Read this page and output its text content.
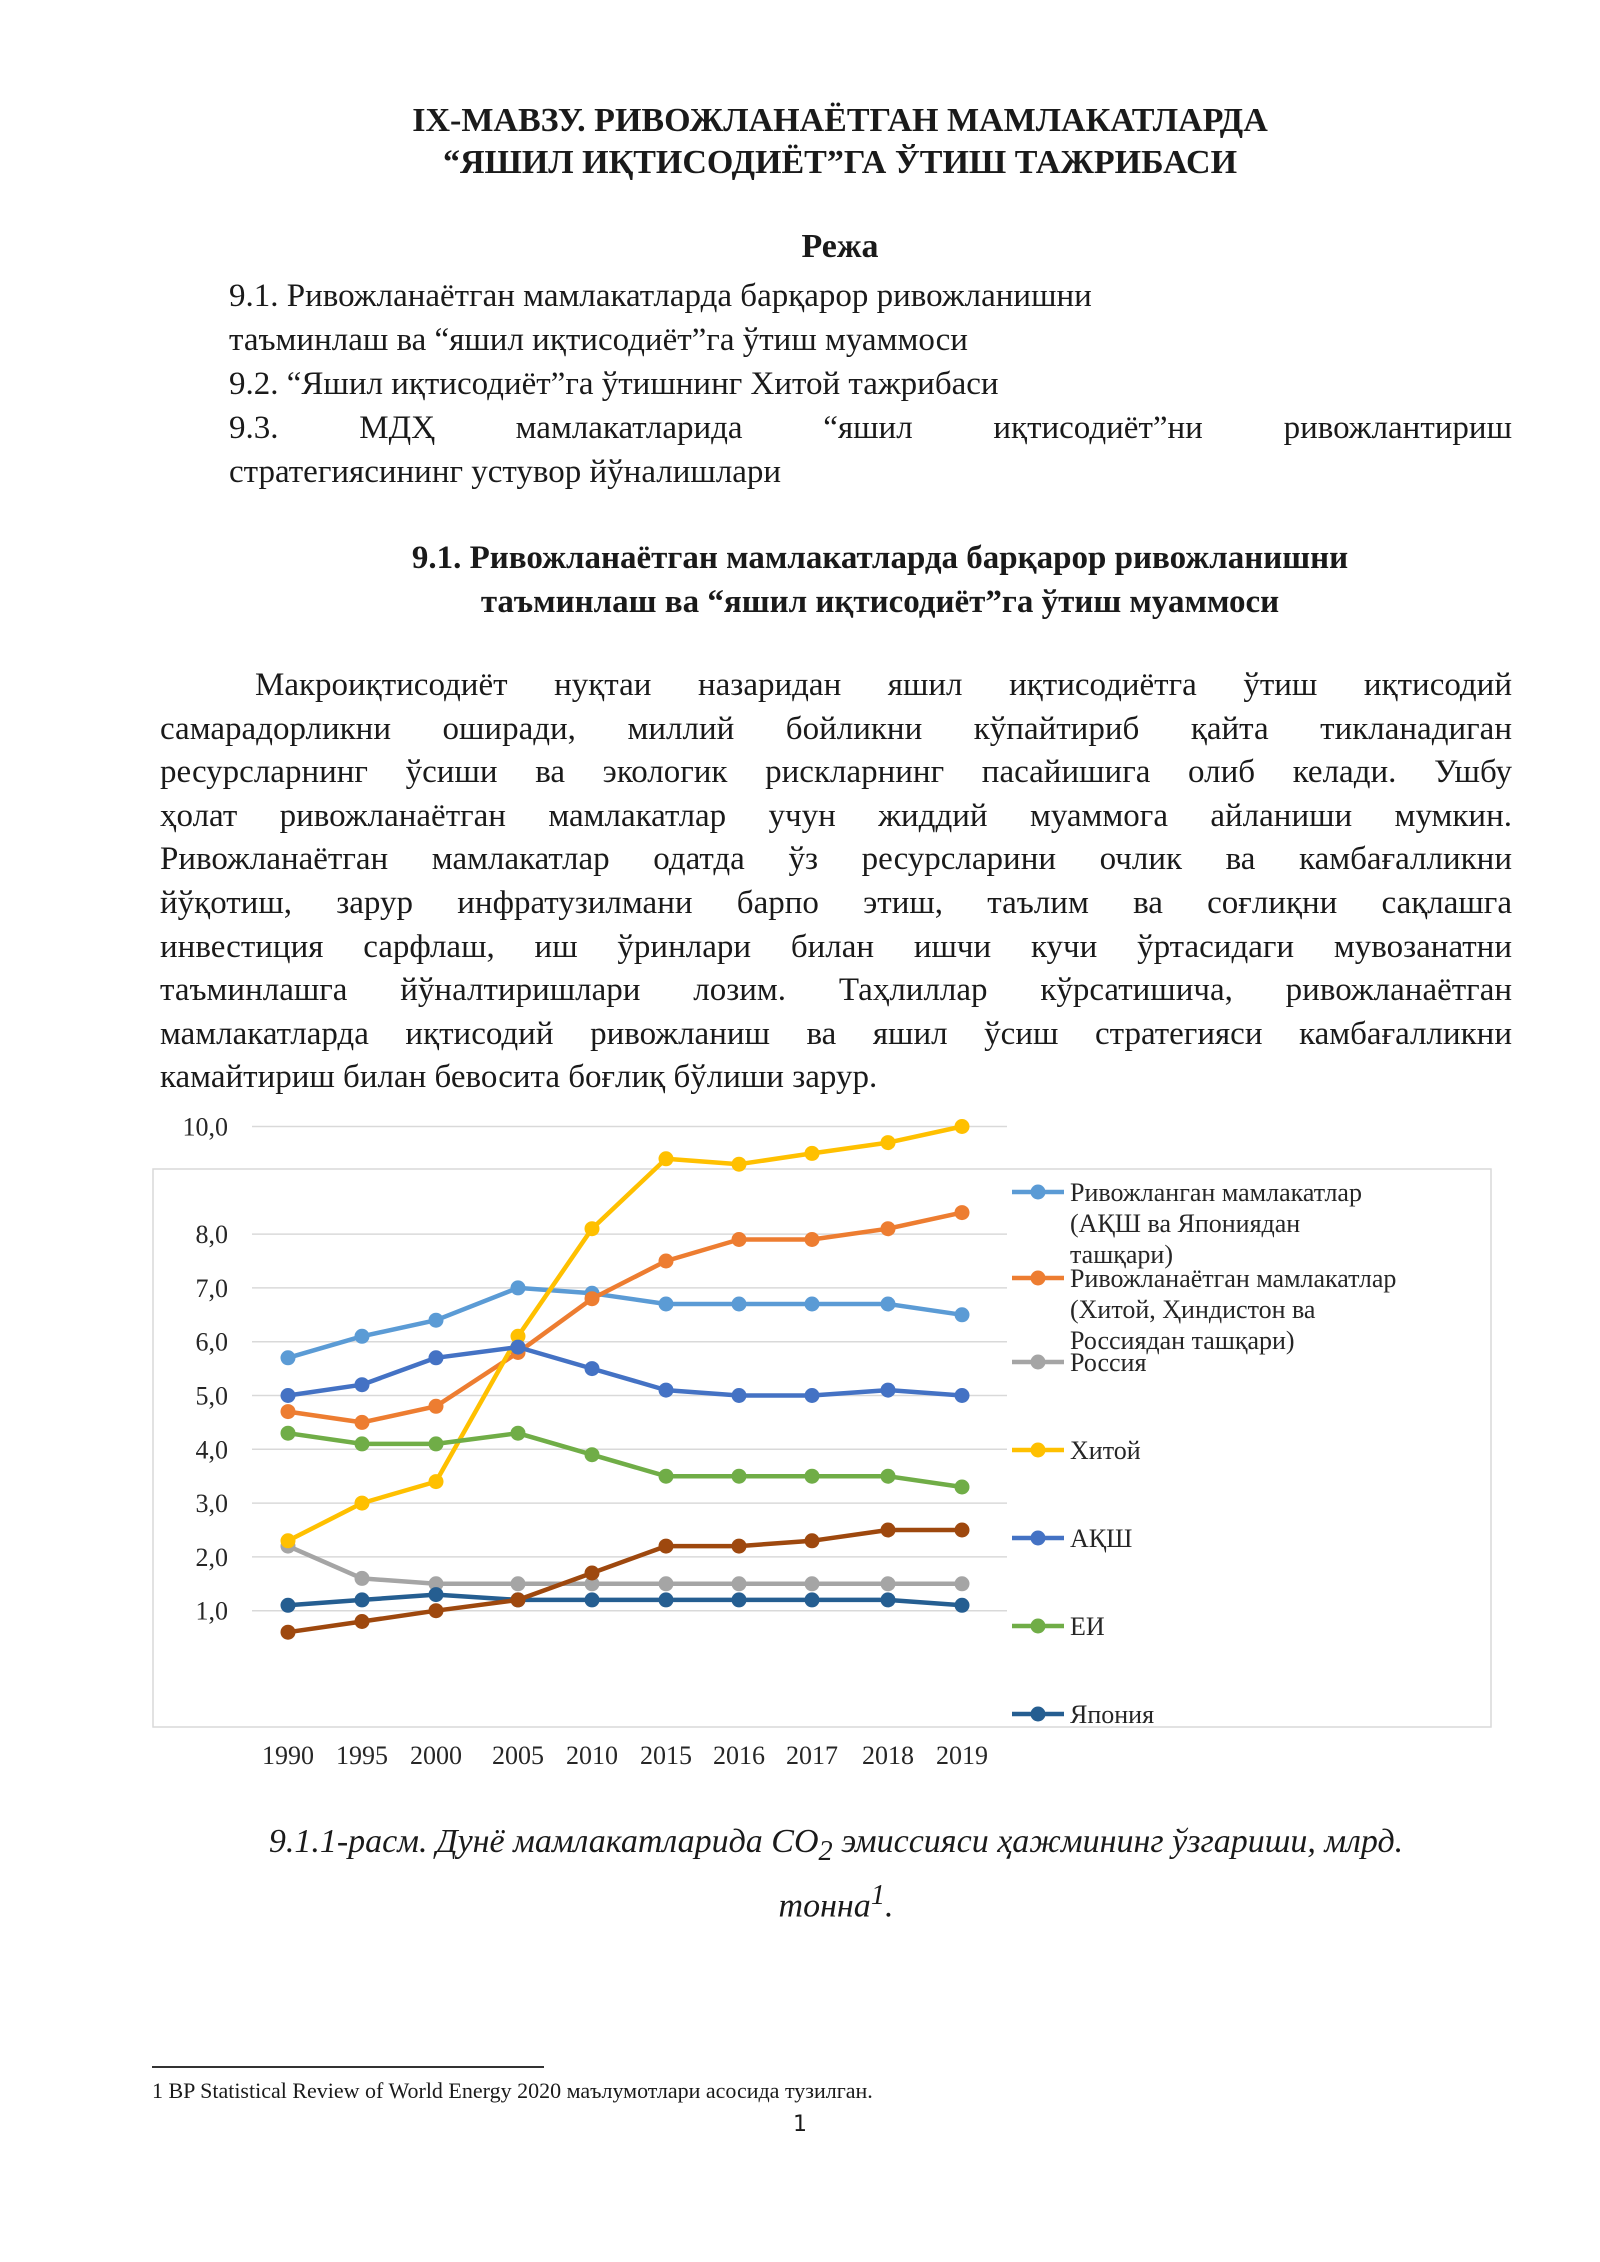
IX-МАВЗУ. РИВОЖЛАНАЁТГАН МАМЛАКАТЛАРДА
“ЯШИЛ ИҚТИСОДИЁТ”ГА ЎТИШ ТАЖРИБАСИ
Режа
9.1. Ривожланаётган мамлакатларда барқарор ривожланишни
таъминлаш ва “яшил иқтисодиёт”га ўтиш муаммоси
9.2. “Яшил иқтисодиёт”га ўтишнинг Хитой тажрибаси
9.3. МДҲ мамлакатларида “яшил иқтисодиёт”ни ривожлантириш
стратегиясининг устувор йўналишлари
9.1. Ривожланаётган мамлакатларда барқарор ривожланишни
таъминлаш ва “яшил иқтисодиёт”га ўтиш муаммоси
Макроиқтисодиёт нуқтаи назаридан яшил иқтисодиётга ўтиш иқтисодий
самарадорликни оширади, миллий бойликни кўпайтириб қайта тикланадиган
ресурсларнинг ўсиши ва экологик рискларнинг пасайишига олиб келади. Ушбу
ҳолат ривожланаётган мамлакатлар учун жиддий муаммога айланиши мумкин.
Ривожланаётган мамлакатлар одатда ўз ресурсларини очлик ва камбағалликни
йўқотиш, зарур инфратузилмани барпо этиш, таълим ва соғлиқни сақлашга
инвестиция сарфлаш, иш ўринлари билан ишчи кучи ўртасидаги мувозанатни
таъминлашга йўналтиришлари лозим. Таҳлиллар кўрсатишича, ривожланаётган
мамлакатларда иқтисодий ривожланиш ва яшил ўсиш стратегияси камбағалликни
камайтириш билан бевосита боғлиқ бўлиши зарур.
10,0
8,0
7,0
6,0
5,0
4,0
3,0
2,0
1,0
1990 1995 2000 2005 2010 2015 2016 2017 2018 2019
Ривожланган мамлакатлар
(АҚШ ва Япониядан
ташқари)
Ривожланаётган мамлакатлар
(Хитой, Ҳиндистон ва
Россиядан ташқари)
Россия
Хитой
АҚШ
ЕИ
Япония
9.1.1-расм. Дунё мамлакатларида $CO_2$ эмиссияси ҳажмининг ўзгариши, млрд.
тонна$^1$.
1 BP Statistical Review of World Energy 2020 маълумотлари асосида тузилган.
1
